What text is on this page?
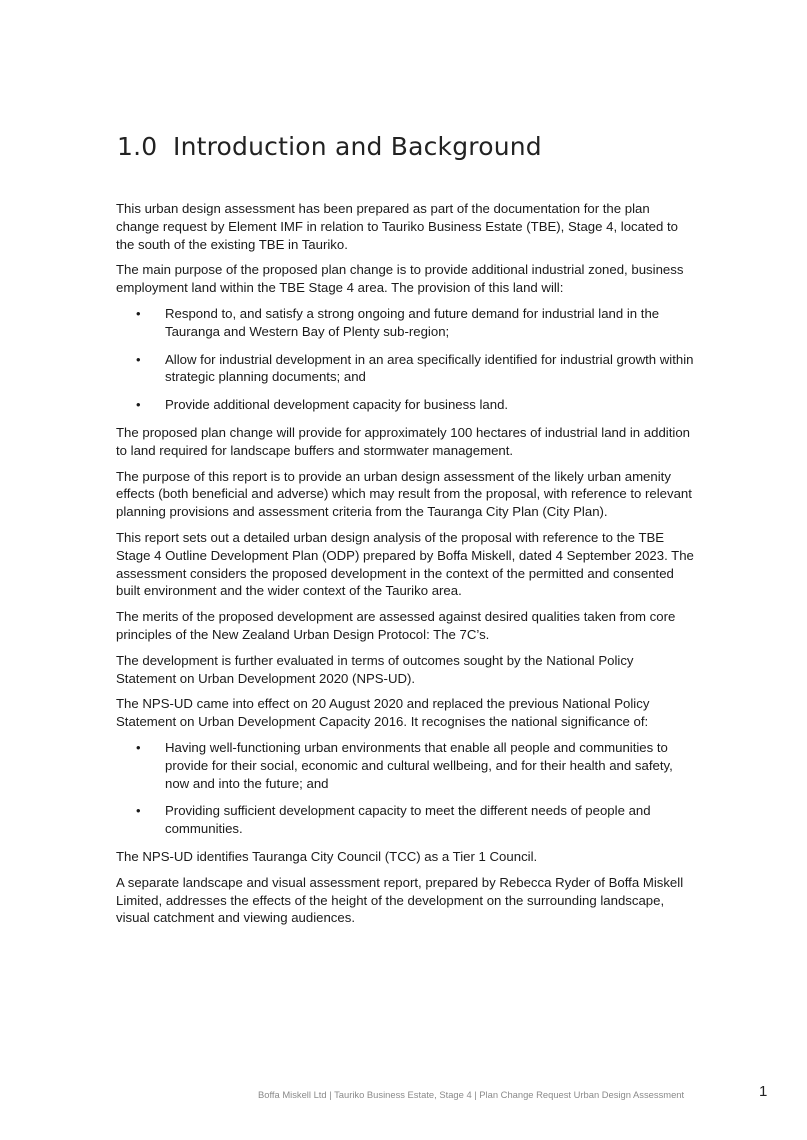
1.0 Introduction and Background

This urban design assessment has been prepared as part of the documentation for the plan change request by Element IMF in relation to Tauriko Business Estate (TBE), Stage 4, located to the south of the existing TBE in Tauriko.

The main purpose of the proposed plan change is to provide additional industrial zoned, business employment land within the TBE Stage 4 area. The provision of this land will:

• Respond to, and satisfy a strong ongoing and future demand for industrial land in the Tauranga and Western Bay of Plenty sub-region;
• Allow for industrial development in an area specifically identified for industrial growth within strategic planning documents; and
• Provide additional development capacity for business land.

The proposed plan change will provide for approximately 100 hectares of industrial land in addition to land required for landscape buffers and stormwater management.

The purpose of this report is to provide an urban design assessment of the likely urban amenity effects (both beneficial and adverse) which may result from the proposal, with reference to relevant planning provisions and assessment criteria from the Tauranga City Plan (City Plan).

This report sets out a detailed urban design analysis of the proposal with reference to the TBE Stage 4 Outline Development Plan (ODP) prepared by Boffa Miskell, dated 4 September 2023. The assessment considers the proposed development in the context of the permitted and consented built environment and the wider context of the Tauriko area.

The merits of the proposed development are assessed against desired qualities taken from core principles of the New Zealand Urban Design Protocol: The 7C’s.

The development is further evaluated in terms of outcomes sought by the National Policy Statement on Urban Development 2020 (NPS-UD).

The NPS-UD came into effect on 20 August 2020 and replaced the previous National Policy Statement on Urban Development Capacity 2016. It recognises the national significance of:

• Having well-functioning urban environments that enable all people and communities to provide for their social, economic and cultural wellbeing, and for their health and safety, now and into the future; and
• Providing sufficient development capacity to meet the different needs of people and communities.

The NPS-UD identifies Tauranga City Council (TCC) as a Tier 1 Council.

A separate landscape and visual assessment report, prepared by Rebecca Ryder of Boffa Miskell Limited, addresses the effects of the height of the development on the surrounding landscape, visual catchment and viewing audiences.

Boffa Miskell Ltd | Tauriko Business Estate, Stage 4 | Plan Change Request Urban Design Assessment	1
